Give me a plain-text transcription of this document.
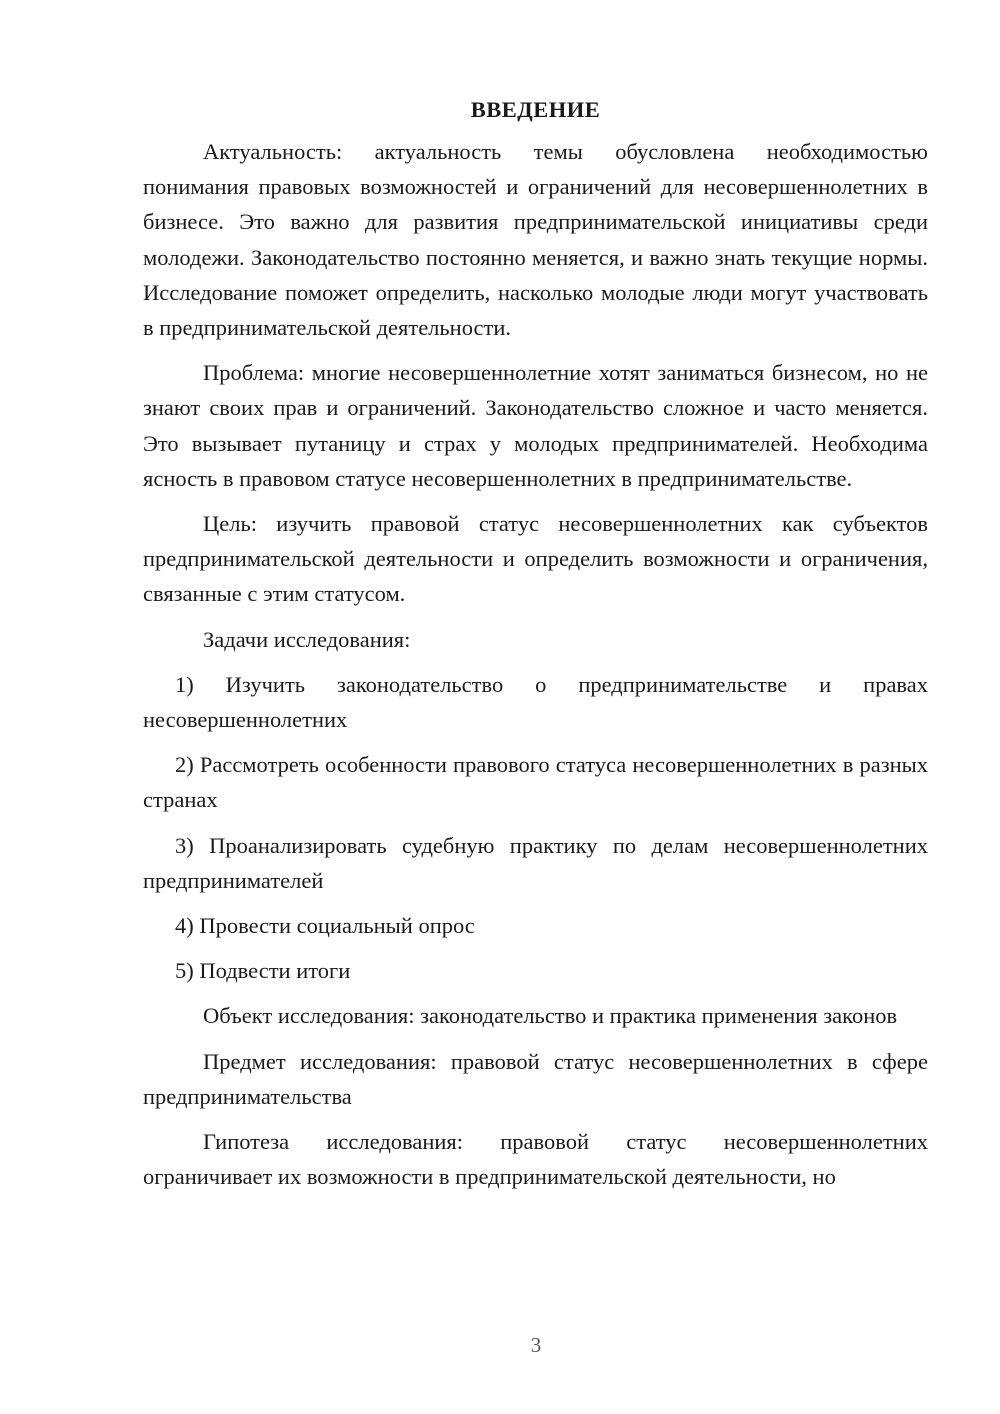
ВВЕДЕНИЕ

Актуальность: актуальность темы обусловлена необходимостью понимания правовых возможностей и ограничений для несовершеннолетних в бизнесе. Это важно для развития предпринимательской инициативы среди молодежи. Законодательство постоянно меняется, и важно знать текущие нормы. Исследование поможет определить, насколько молодые люди могут участвовать в предпринимательской деятельности.

Проблема: многие несовершеннолетние хотят заниматься бизнесом, но не знают своих прав и ограничений. Законодательство сложное и часто меняется. Это вызывает путаницу и страх у молодых предпринимателей. Необходима ясность в правовом статусе несовершеннолетних в предпринимательстве.

Цель: изучить правовой статус несовершеннолетних как субъектов предпринимательской деятельности и определить возможности и ограничения, связанные с этим статусом.

Задачи исследования:

1) Изучить законодательство о предпринимательстве и правах несовершеннолетних

2) Рассмотреть особенности правового статуса несовершеннолетних в разных странах

3) Проанализировать судебную практику по делам несовершеннолетних предпринимателей

4) Провести социальный опрос

5) Подвести итоги

Объект исследования: законодательство и практика применения законов

Предмет исследования: правовой статус несовершеннолетних в сфере предпринимательства

Гипотеза исследования: правовой статус несовершеннолетних ограничивает их возможности в предпринимательской деятельности, но

3
